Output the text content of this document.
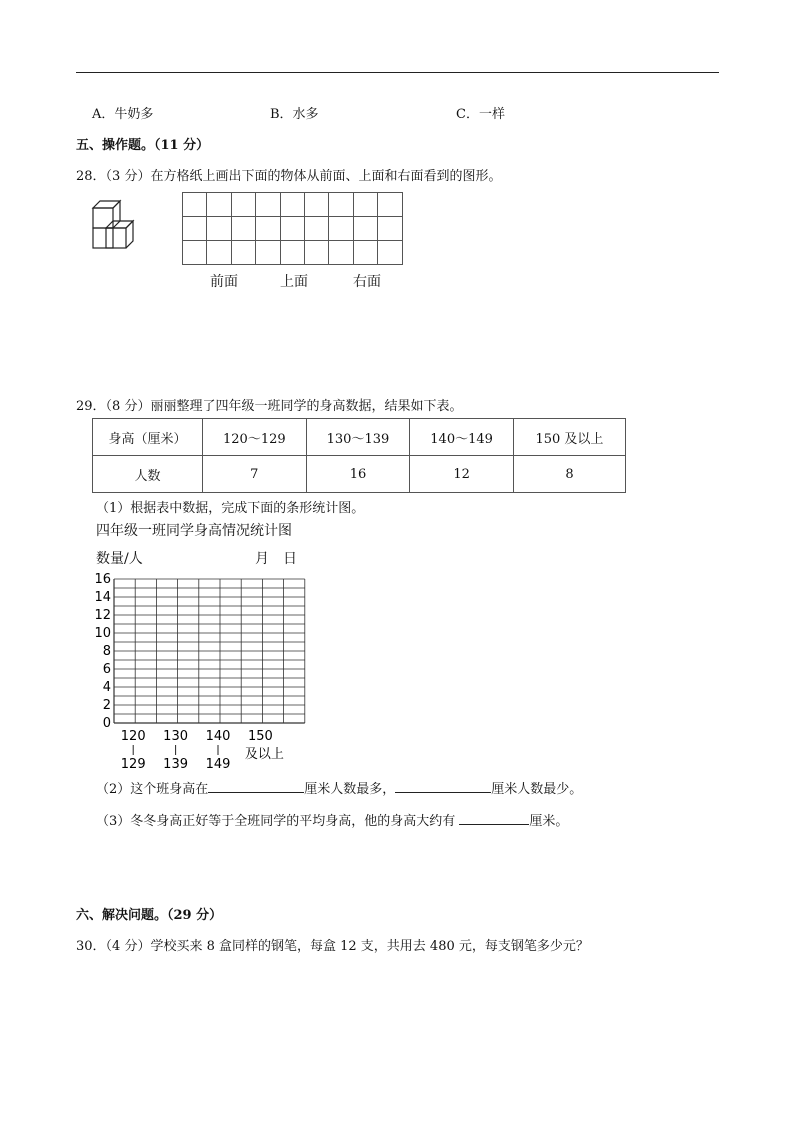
A．牛奶多	B．水多	C．一样
五、操作题。（11 分）
28．（3 分）在方格纸上画出下面的物体从前面、上面和右面看到的图形。
前面	上面	右面
29．（8 分）丽丽整理了四年级一班同学的身高数据，结果如下表。
身高（厘米）	120～129	130～139	140～149	150 及以上
人数	7	16	12	8
（1）根据表中数据，完成下面的条形统计图。
四年级一班同学身高情况统计图
数量/人	月　日
0
2
4
6
8
10
12
14
16
120
129
130
139
140
149
150
及以上
（2）这个班身高在	厘米人数最多，	厘米人数最少。
（3）冬冬身高正好等于全班同学的平均身高，他的身高大约有	厘米。
六、解决问题。（29 分）
30．（4 分）学校买来 8 盒同样的钢笔，每盒 12 支，共用去 480 元，每支钢笔多少元？
